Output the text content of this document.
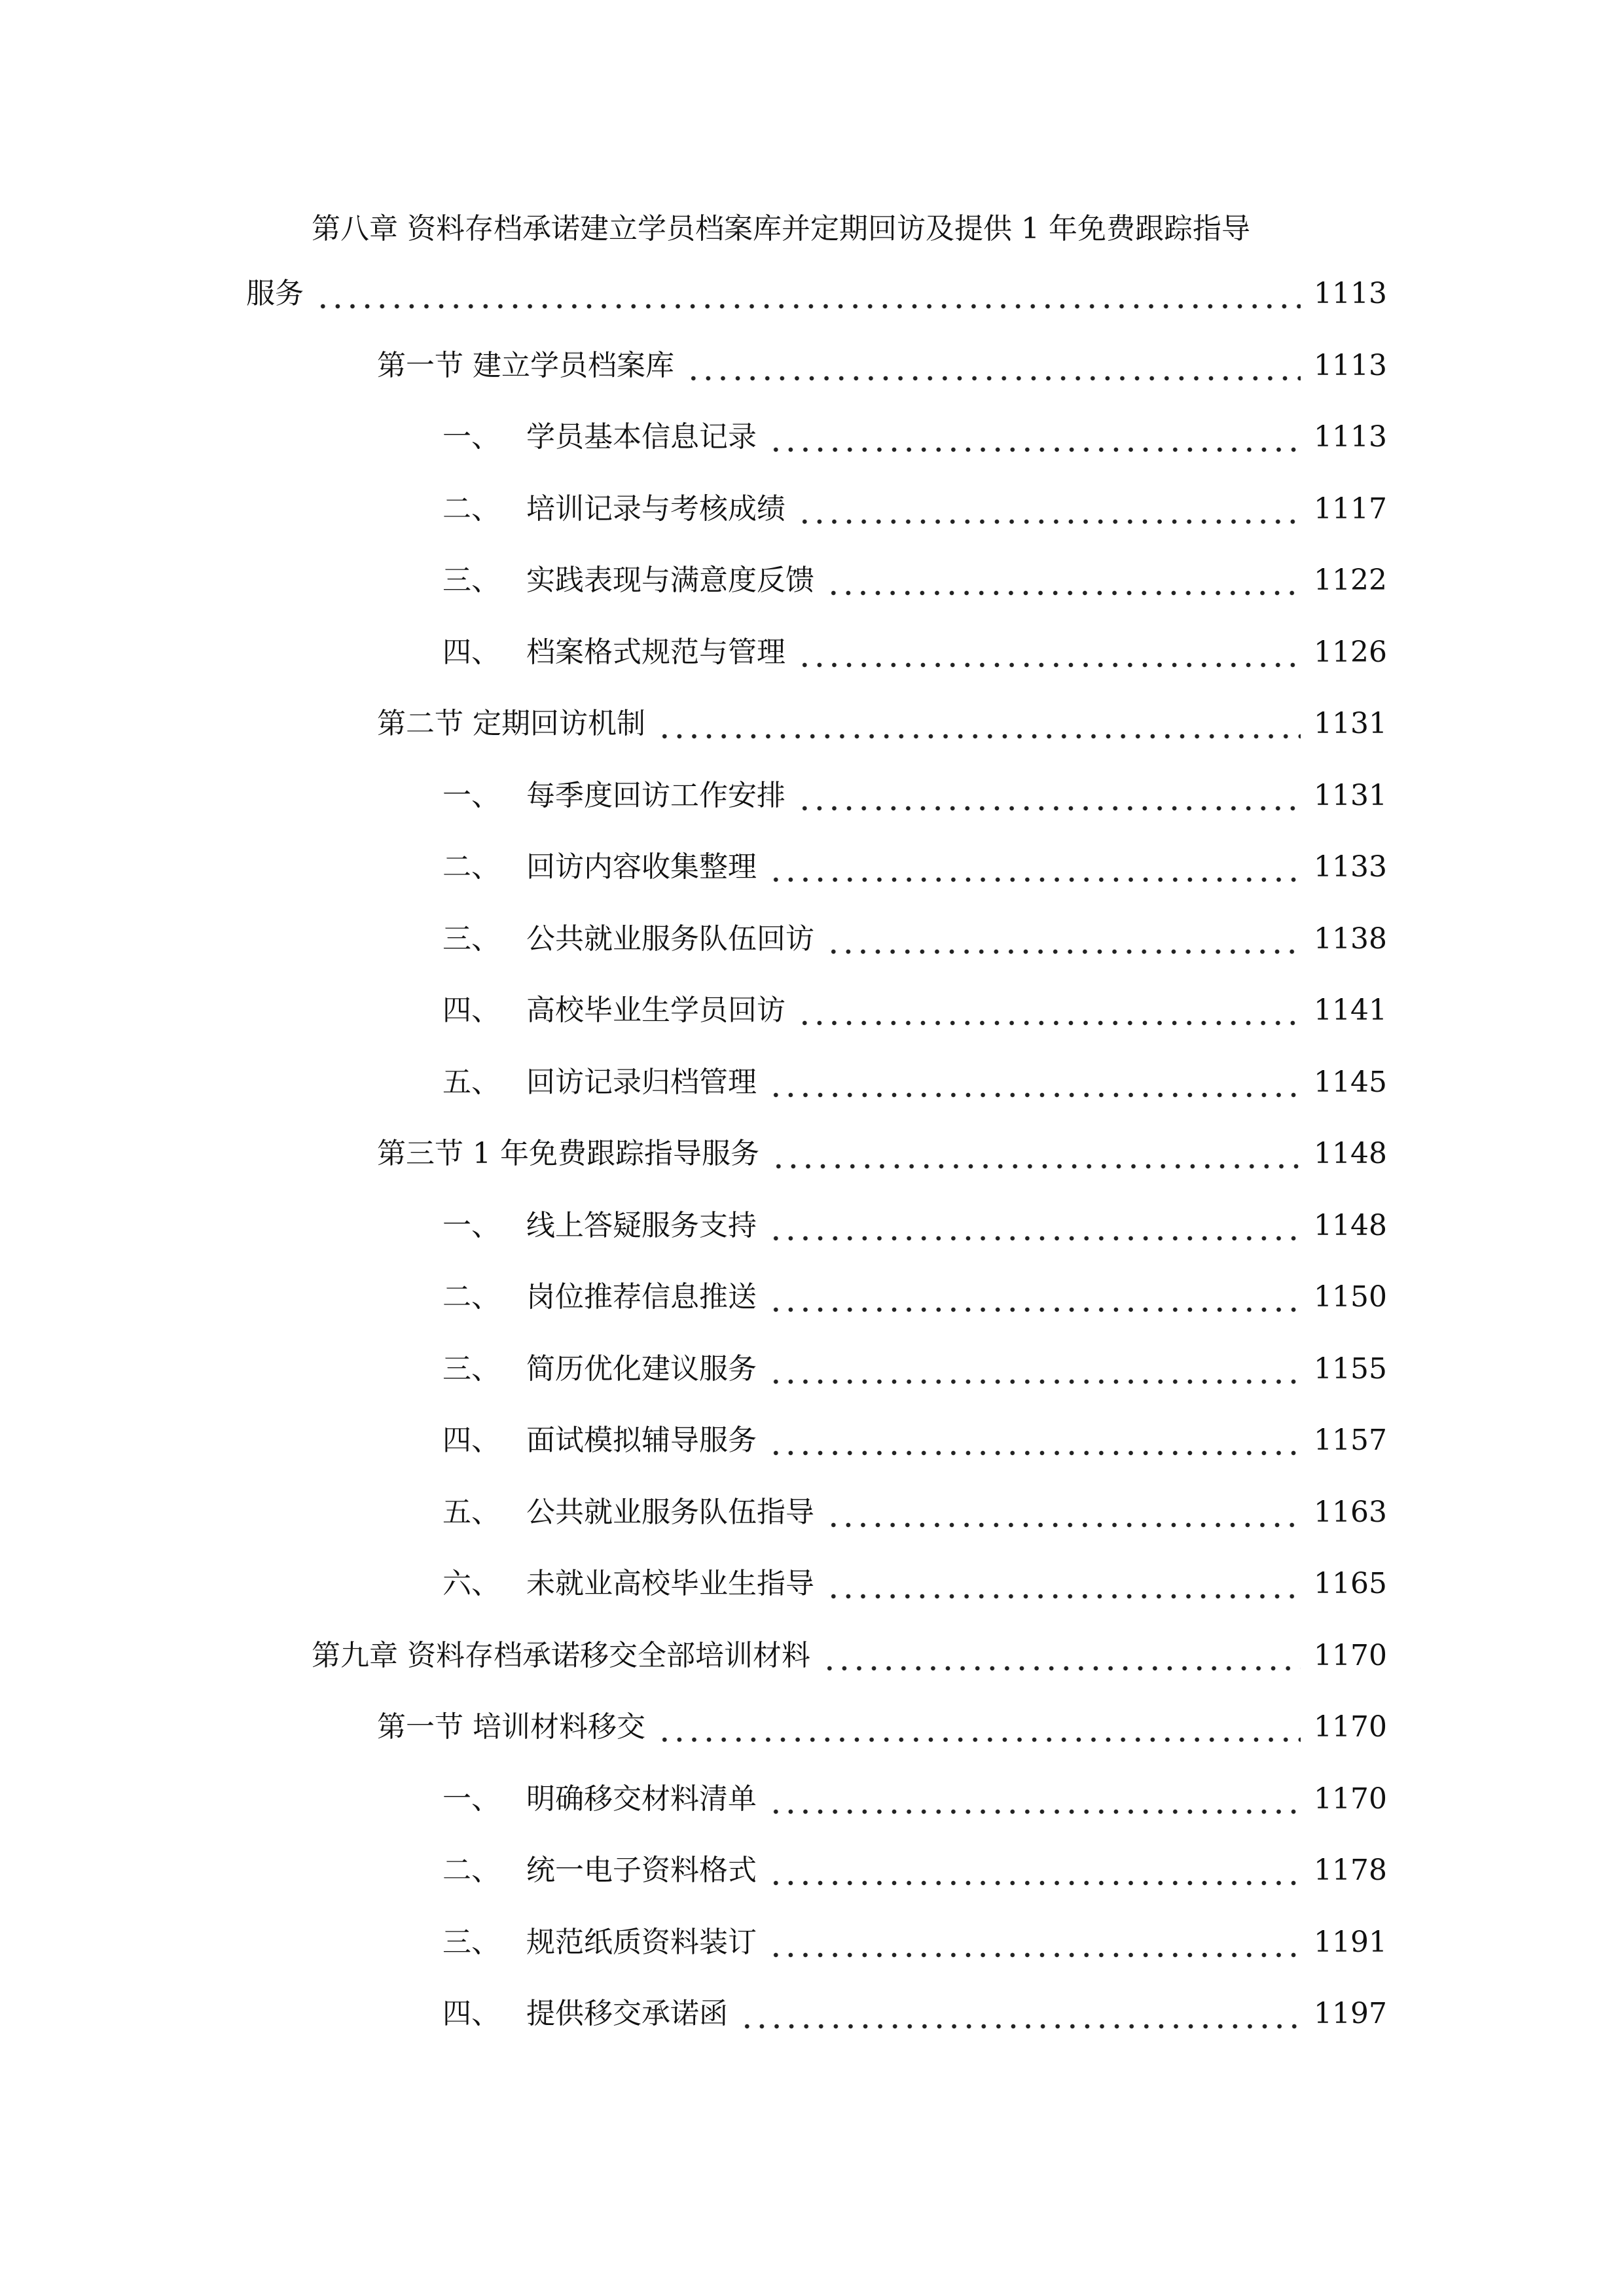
第八章 资料存档承诺建立学员档案库并定期回访及提供 1 年免费跟踪指导
服务	1113
第一节 建立学员档案库	1113
一、 学员基本信息记录	1113
二、 培训记录与考核成绩	1117
三、 实践表现与满意度反馈	1122
四、 档案格式规范与管理	1126
第二节 定期回访机制	1131
一、 每季度回访工作安排	1131
二、 回访内容收集整理	1133
三、 公共就业服务队伍回访	1138
四、 高校毕业生学员回访	1141
五、 回访记录归档管理	1145
第三节 1 年免费跟踪指导服务	1148
一、 线上答疑服务支持	1148
二、 岗位推荐信息推送	1150
三、 简历优化建议服务	1155
四、 面试模拟辅导服务	1157
五、 公共就业服务队伍指导	1163
六、 未就业高校毕业生指导	1165
第九章 资料存档承诺移交全部培训材料	1170
第一节 培训材料移交	1170
一、 明确移交材料清单	1170
二、 统一电子资料格式	1178
三、 规范纸质资料装订	1191
四、 提供移交承诺函	1197
